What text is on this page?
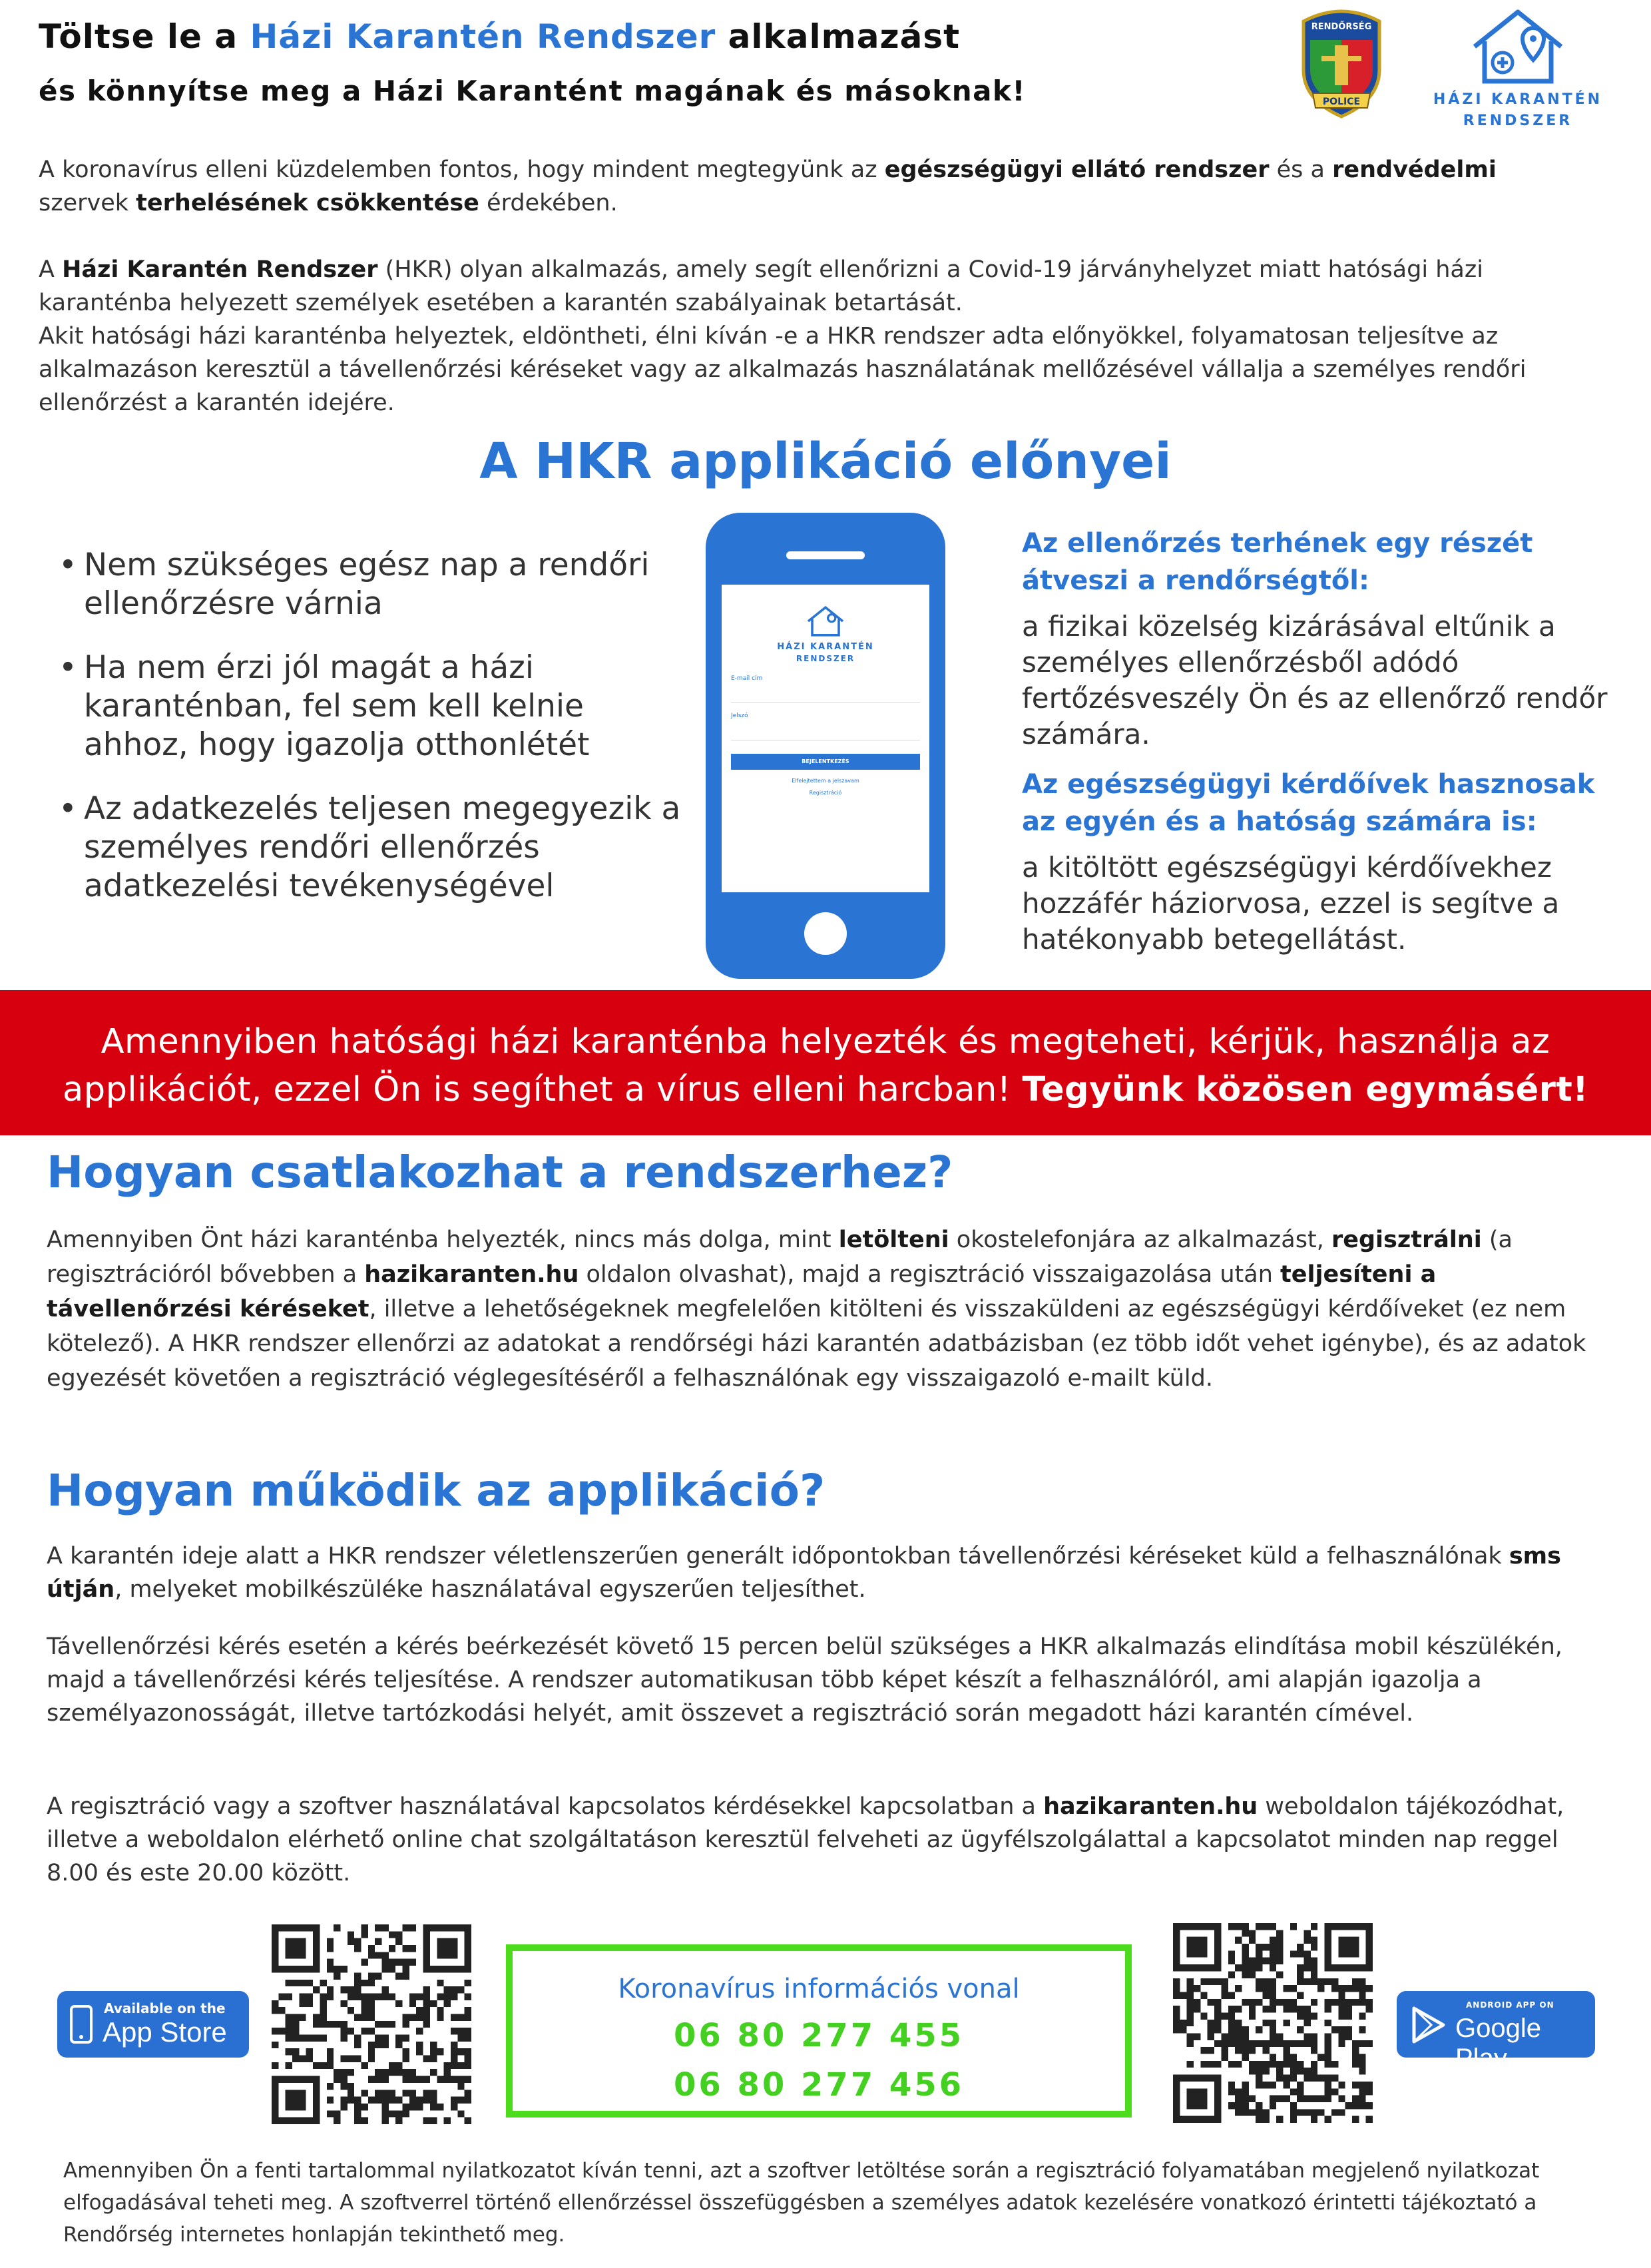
Töltse le a Házi Karantén Rendszer alkalmazást
és könnyítse meg a Házi Karantént magának és másoknak!	POLICE
RENDŐRSÉG
HÁZI KARANTÉN
RENDSZER
A koronavírus elleni küzdelemben fontos, hogy mindent megtegyünk az egészségügyi ellátó rendszer és a rendvédelmi
szervek terhelésének csökkentése érdekében.
A Házi Karantén Rendszer (HKR) olyan alkalmazás, amely segít ellenőrizni a Covid-19 járványhelyzet miatt hatósági házi karanténba helyezett személyek esetében a karantén szabályainak betartását.
Akit hatósági házi karanténba helyeztek, eldöntheti, élni kíván -e a HKR rendszer adta előnyökkel, folyamatosan teljesítve az alkalmazáson keresztül a távellenőrzési kéréseket vagy az alkalmazás használatának mellőzésével vállalja a személyes rendőri ellenőrzést a karantén idejére.
A HKR applikáció előnyei
• Nem szükséges egész nap a rendőri ellenőrzésre várnia
• Ha nem érzi jól magát a házi karanténban, fel sem kell kelnie ahhoz, hogy igazolja otthonlétét
• Az adatkezelés teljesen megegyezik a személyes rendőri ellenőrzés adatkezelési tevékenységével
HÁZI KARANTÉN
RENDSZER
E-mail cím
Jelszó
BEJELENTKEZÉS
Elfelejtettem a jelszavam
Regisztráció
Az ellenőrzés terhének egy részét átveszi a rendőrségtől:
a fizikai közelség kizárásával eltűnik a személyes ellenőrzésből adódó fertőzésveszély Ön és az ellenőrző rendőr számára.
Az egészségügyi kérdőívek hasznosak az egyén és a hatóság számára is:
a kitöltött egészségügyi kérdőívekhez hozzáfér háziorvosa, ezzel is segítve a hatékonyabb betegellátást.
Amennyiben hatósági házi karanténba helyezték és megteheti, kérjük, használja az applikációt, ezzel Ön is segíthet a vírus elleni harcban! Tegyünk közösen egymásért!
Hogyan csatlakozhat a rendszerhez?
Amennyiben Önt házi karanténba helyezték, nincs más dolga, mint letölteni okostelefonjára az alkalmazást, regisztrálni (a regisztrációról bővebben a hazikaranten.hu oldalon olvashat), majd a regisztráció visszaigazolása után teljesíteni a távellenőrzési kéréseket, illetve a lehetőségeknek megfelelően kitölteni és visszaküldeni az egészségügyi kérdőíveket (ez nem kötelező). A HKR rendszer ellenőrzi az adatokat a rendőrségi házi karantén adatbázisban (ez több időt vehet igénybe), és az adatok egyezését követően a regisztráció véglegesítéséről a felhasználónak egy visszaigazoló e-mailt küld.
Hogyan működik az applikáció?
A karantén ideje alatt a HKR rendszer véletlenszerűen generált időpontokban távellenőrzési kéréseket küld a felhasználónak sms útján, melyeket mobilkészüléke használatával egyszerűen teljesíthet.
Távellenőrzési kérés esetén a kérés beérkezését követő 15 percen belül szükséges a HKR alkalmazás elindítása mobil készülékén, majd a távellenőrzési kérés teljesítése. A rendszer automatikusan több képet készít a felhasználóról, ami alapján igazolja a személyazonosságát, illetve tartózkodási helyét, amit összevet a regisztráció során megadott házi karantén címével.
A regisztráció vagy a szoftver használatával kapcsolatos kérdésekkel kapcsolatban a hazikaranten.hu weboldalon tájékozódhat, illetve a weboldalon elérhető online chat szolgáltatáson keresztül felveheti az ügyfélszolgálattal a kapcsolatot minden nap reggel 8.00 és este 20.00 között.
Available on the
App Store
Koronavírus információs vonal
06 80 277 455
06 80 277 456
ANDROID APP ON
Google Play
Amennyiben Ön a fenti tartalommal nyilatkozatot kíván tenni, azt a szoftver letöltése során a regisztráció folyamatában megjelenő nyilatkozat elfogadásával teheti meg. A szoftverrel történő ellenőrzéssel összefüggésben a személyes adatok kezelésére vonatkozó érintetti tájékoztató a Rendőrség internetes honlapján tekinthető meg.
